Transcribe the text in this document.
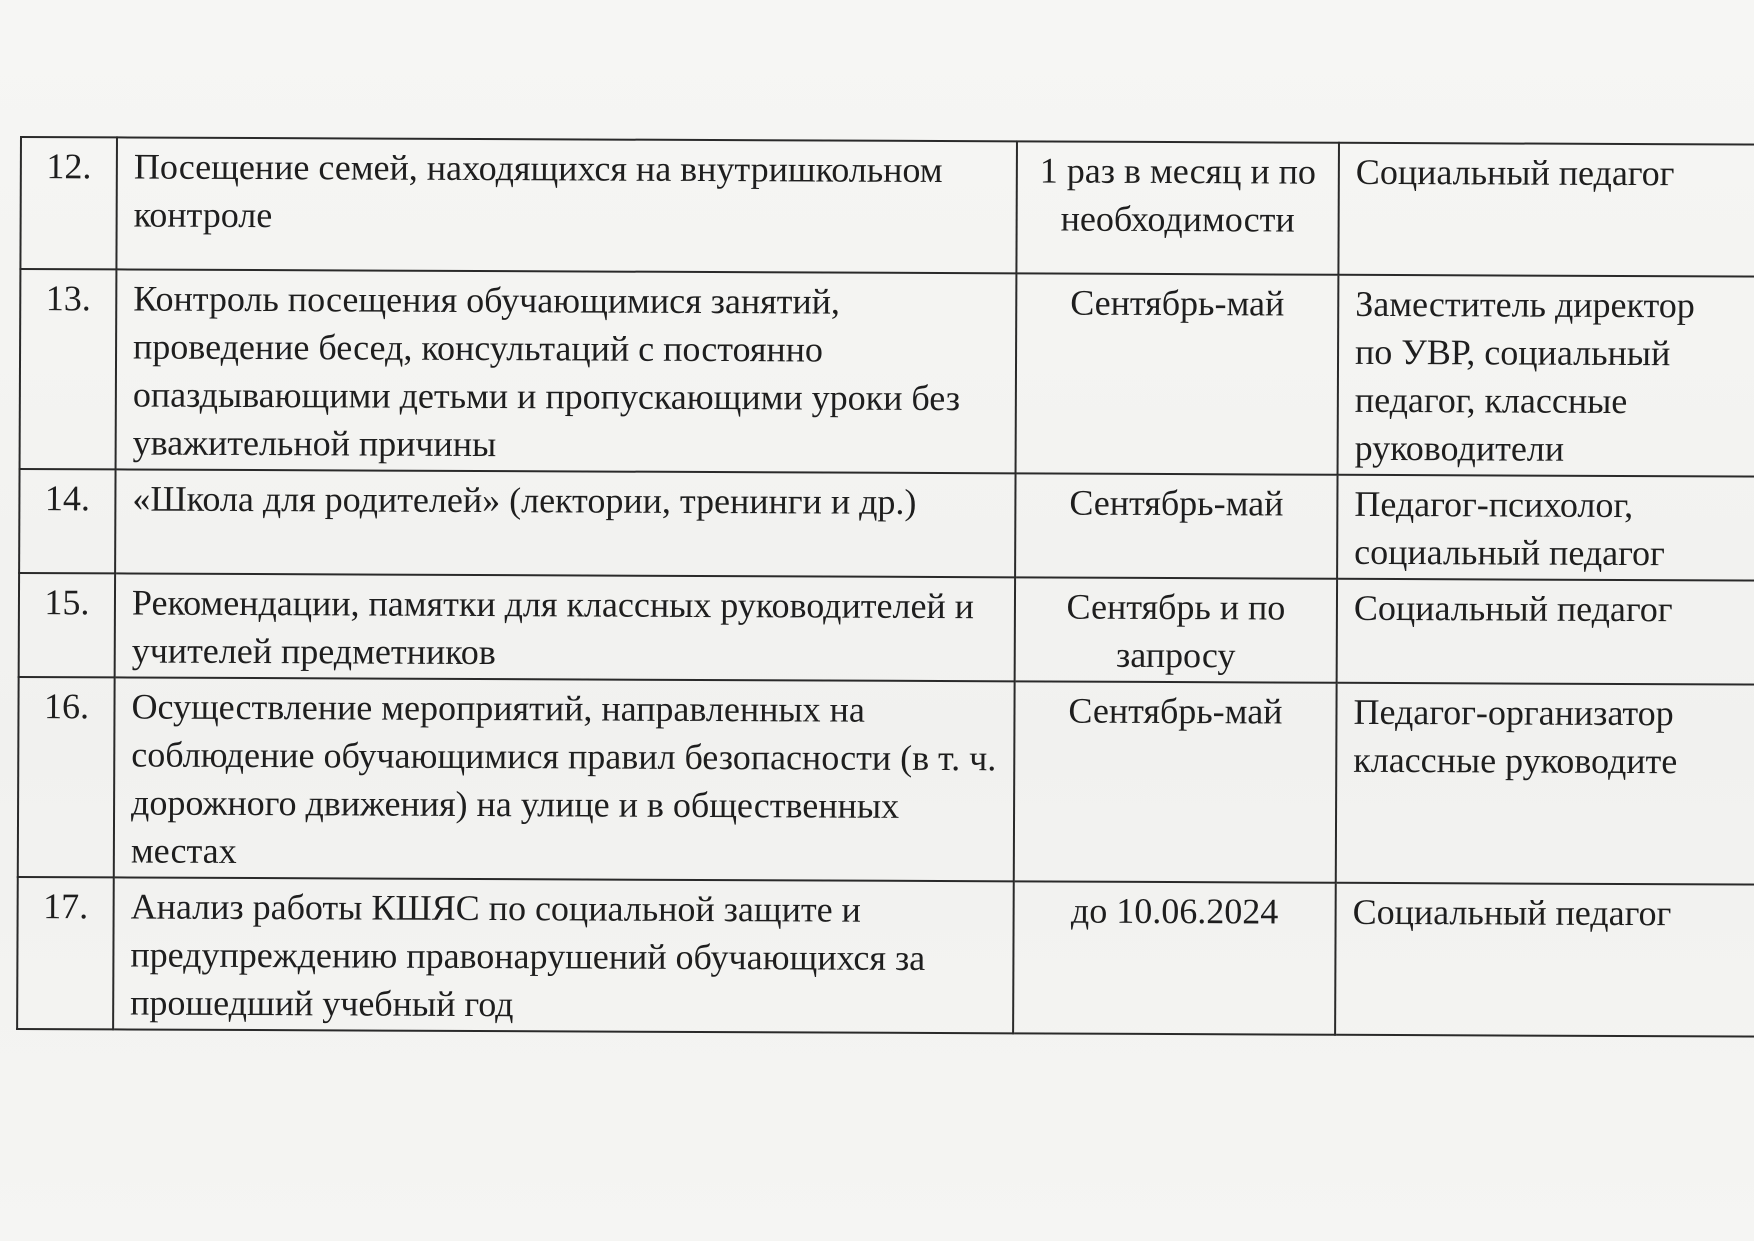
12.	Посещение семей, находящихся на внутришкольном контроле	1 раз в месяц и по необходимости	Социальный педагог
13.	Контроль посещения обучающимися занятий, проведение бесед, консультаций с постоянно опаздывающими детьми и пропускающими уроки без уважительной причины	Сентябрь-май	Заместитель директор
по УВР, социальный
педагог, классные
руководители
14.	«Школа для родителей» (лектории, тренинги и др.)	Сентябрь-май	Педагог-психолог,
социальный педагог
15.	Рекомендации, памятки для классных руководителей и учителей предметников	Сентябрь и по запросу	Социальный педагог
16.	Осуществление мероприятий, направленных на соблюдение обучающимися правил безопасности (в т. ч. дорожного движения) на улице и в общественных местах	Сентябрь-май	Педагог-организатор
классные руководите
17.	Анализ работы КШЯС по социальной защите и предупреждению правонарушений обучающихся за прошедший учебный год	до 10.06.2024	Социальный педагог
